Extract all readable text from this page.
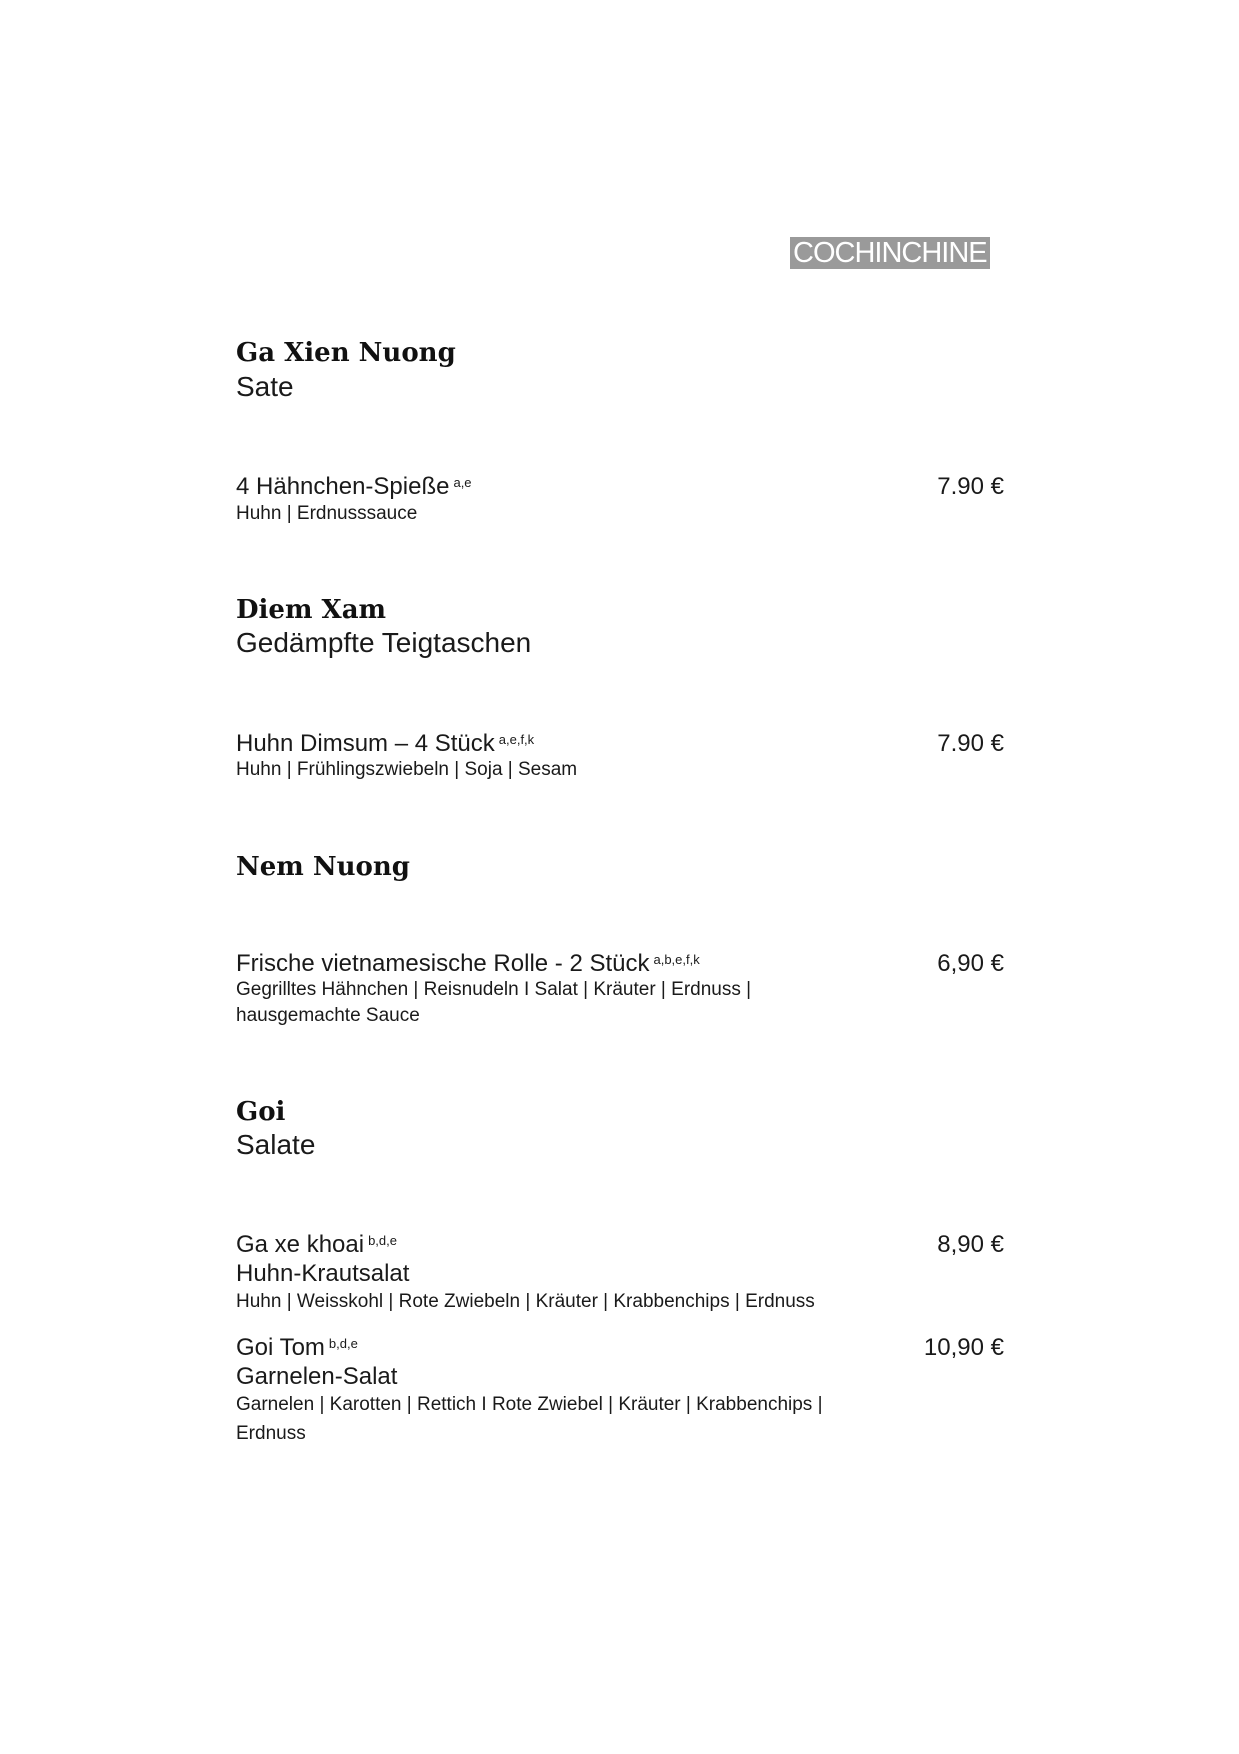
COCHINCHINE
Ga Xien Nuong
Sate
4 Hähnchen-Spieße $^{a,e}$	7.90 €
Huhn | Erdnusssauce
Diem Xam
Gedämpfte Teigtaschen
Huhn Dimsum – 4 Stück $^{a,e,f,k}$	7.90 €
Huhn | Frühlingszwiebeln | Soja | Sesam
Nem Nuong
Frische vietnamesische Rolle - 2 Stück $^{a,b,e,f,k}$	6,90 €
Gegrilltes Hähnchen | Reisnudeln I Salat | Kräuter | Erdnuss |
hausgemachte Sauce
Goi
Salate
Ga xe khoai $^{b,d,e}$	8,90 €
Huhn-Krautsalat
Huhn | Weisskohl | Rote Zwiebeln | Kräuter | Krabbenchips | Erdnuss
Goi Tom $^{b,d,e}$	10,90 €
Garnelen-Salat
Garnelen | Karotten | Rettich I Rote Zwiebel | Kräuter | Krabbenchips |
Erdnuss
